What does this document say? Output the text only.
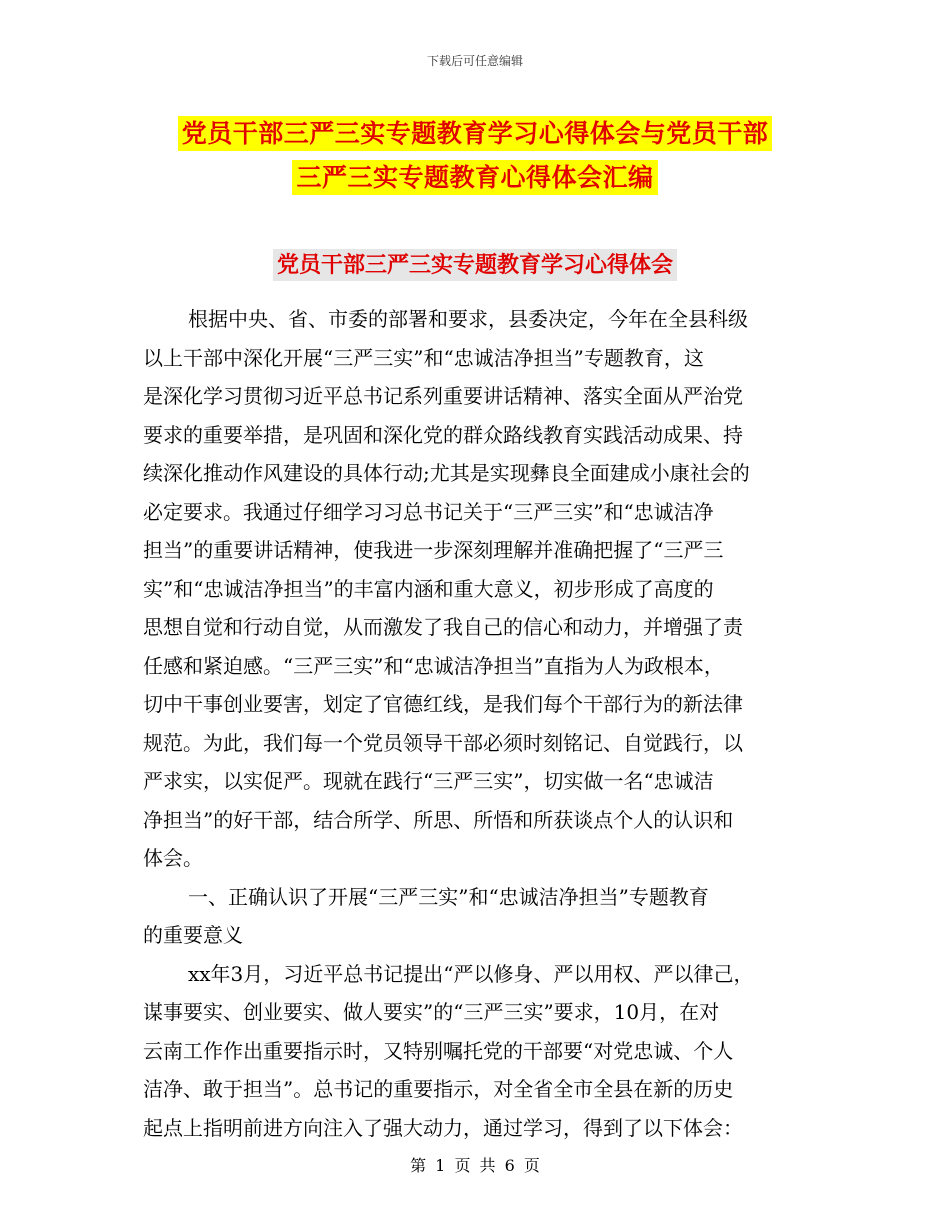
下载后可任意编辑
党员干部三严三实专题教育学习心得体会与党员干部
三严三实专题教育心得体会汇编
党员干部三严三实专题教育学习心得体会
根据中央、省、市委的部署和要求，县委决定，今年在全县科级
以上干部中深化开展“三严三实”和“忠诚洁净担当”专题教育，这
是深化学习贯彻习近平总书记系列重要讲话精神、落实全面从严治党
要求的重要举措，是巩固和深化党的群众路线教育实践活动成果、持
续深化推动作风建设的具体行动;尤其是实现彝良全面建成小康社会的
必定要求。我通过仔细学习习总书记关于“三严三实”和“忠诚洁净
担当”的重要讲话精神，使我进一步深刻理解并准确把握了“三严三
实”和“忠诚洁净担当”的丰富内涵和重大意义，初步形成了高度的
思想自觉和行动自觉，从而激发了我自己的信心和动力，并增强了责
任感和紧迫感。“三严三实”和“忠诚洁净担当”直指为人为政根本，
切中干事创业要害，划定了官德红线，是我们每个干部行为的新法律
规范。为此，我们每一个党员领导干部必须时刻铭记、自觉践行，以
严求实，以实促严。现就在践行“三严三实”，切实做一名“忠诚洁
净担当”的好干部，结合所学、所思、所悟和所获谈点个人的认识和
体会。
一、正确认识了开展“三严三实”和“忠诚洁净担当”专题教育
的重要意义
xx年3月，习近平总书记提出“严以修身、严以用权、严以律己，
谋事要实、创业要实、做人要实”的“三严三实”要求，10月，在对
云南工作作出重要指示时，又特别嘱托党的干部要“对党忠诚、个人
洁净、敢于担当”。总书记的重要指示，对全省全市全县在新的历史
起点上指明前进方向注入了强大动力，通过学习，得到了以下体会：
第 1 页 共 6 页
